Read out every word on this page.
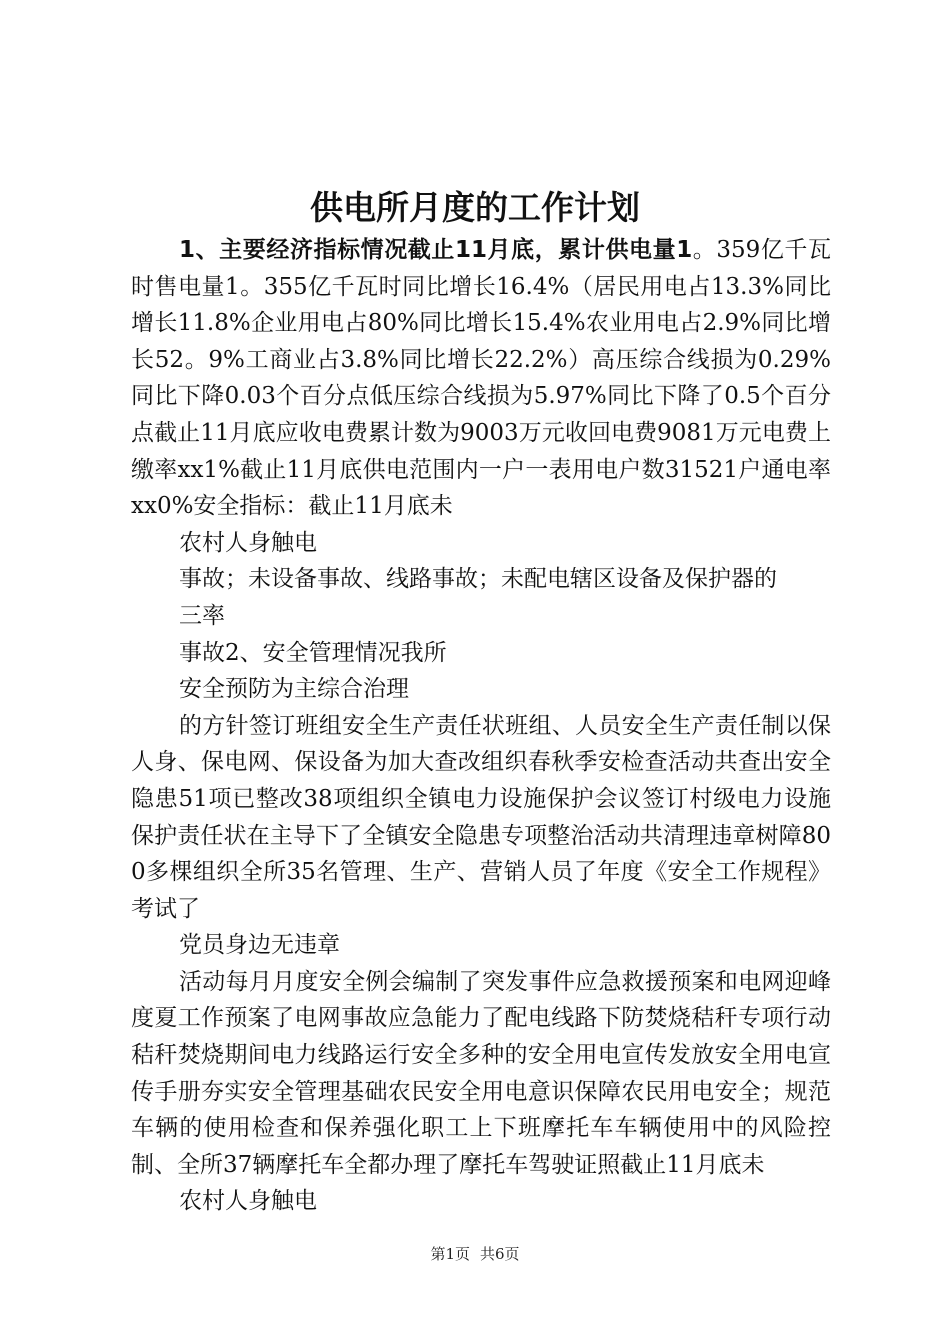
供电所月度的工作计划

1、主要经济指标情况截止11月底，累计供电量1。359亿千瓦时售电量1。355亿千瓦时同比增长16.4%（居民用电占13.3%同比增长11.8%企业用电占80%同比增长15.4%农业用电占2.9%同比增长52。9%工商业占3.8%同比增长22.2%）高压综合线损为0.29%同比下降0.03个百分点低压综合线损为5.97%同比下降了0.5个百分点截止11月底应收电费累计数为9003万元收回电费9081万元电费上缴率xx1%截止11月底供电范围内一户一表用电户数31521户通电率xx0%安全指标：截止11月底未

农村人身触电

事故；未设备事故、线路事故；未配电辖区设备及保护器的

三率

事故2、安全管理情况我所

安全预防为主综合治理

的方针签订班组安全生产责任状班组、人员安全生产责任制以保人身、保电网、保设备为加大查改组织春秋季安检查活动共查出安全隐患51项已整改38项组织全镇电力设施保护会议签订村级电力设施保护责任状在主导下了全镇安全隐患专项整治活动共清理违章树障800多棵组织全所35名管理、生产、营销人员了年度《安全工作规程》考试了

党员身边无违章

活动每月月度安全例会编制了突发事件应急救援预案和电网迎峰度夏工作预案了电网事故应急能力了配电线路下防焚烧秸秆专项行动秸秆焚烧期间电力线路运行安全多种的安全用电宣传发放安全用电宣传手册夯实安全管理基础农民安全用电意识保障农民用电安全；规范车辆的使用检查和保养强化职工上下班摩托车车辆使用中的风险控制、全所37辆摩托车全都办理了摩托车驾驶证照截止11月底未

农村人身触电

第1页 共6页
